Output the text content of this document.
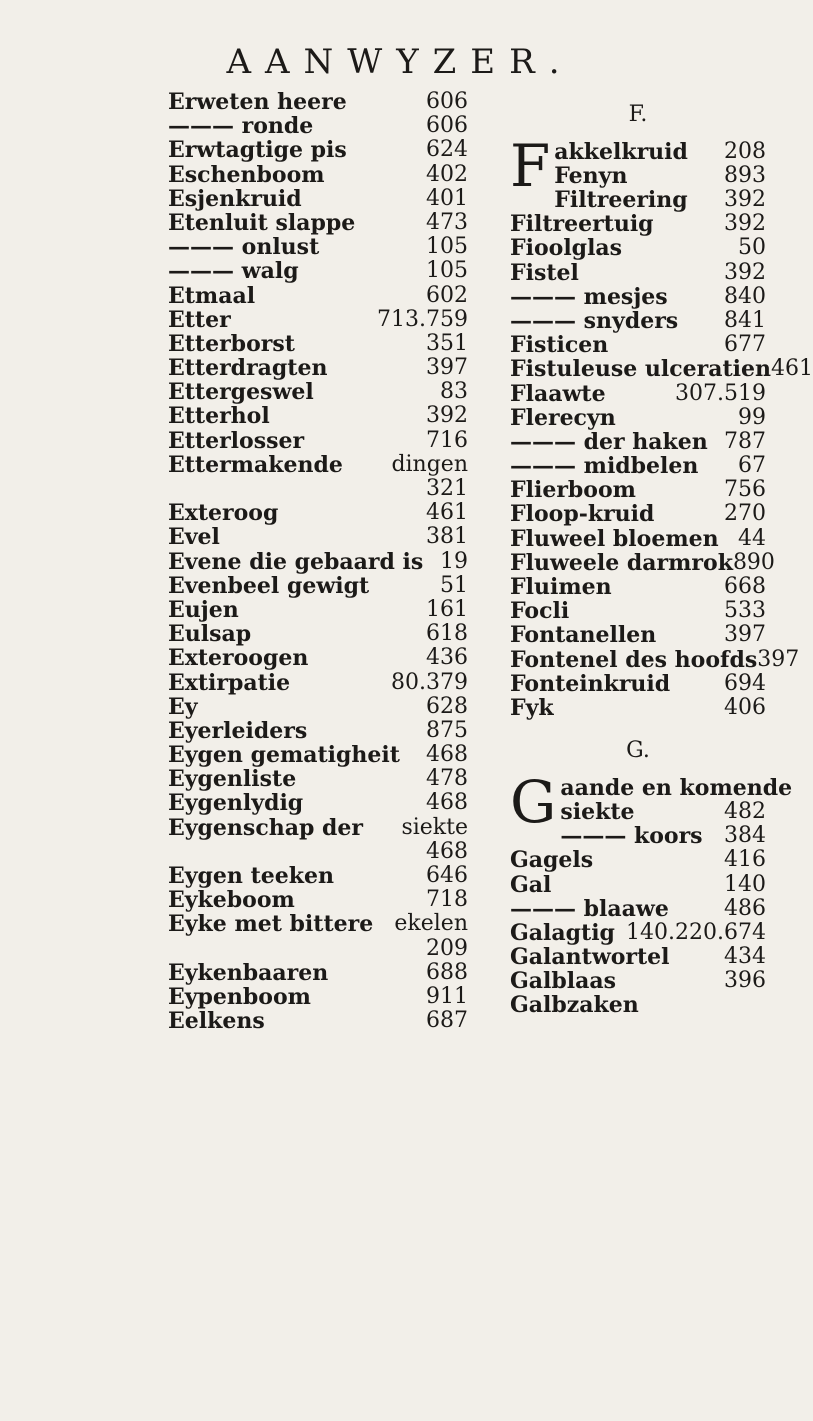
AANWYZER.
Erweten heere	606
——— ronde	606
Erwtagtige pis	624
Eschenboom	402
Esjenkruid	401
Etenluit slappe	473
——— onlust	105
——— walg	105
Etmaal	602
Etter	713.759
Etterborst	351
Etterdragten	397
Ettergeswel	83
Etterhol	392
Etterlosser	716
Ettermakende dingen
321
Exteroog	461
Evel	381
Evene die gebaard is 19
Evenbeel gewigt	51
Eujen	161
Eulsap	618
Exteroogen	436
Extirpatie	80.379
Ey	628
Eyerleiders	875
Eygen gematigheit 468
Eygenliste	478
Eygenlydig	468
Eygenschap der siekte
468
Eygen teeken	646
Eykeboom	718
Eyke met bittere ekelen
209
Eykenbaaren	688
Eypenboom	911
Eelkens	687
F.
F akkelkruid 208
Fenyn	893
Filtreering 392
Filtreertuig	392
Fioolglas	50
Fistel	392
——— mesjes	840
——— snyders 841
Fisticen	677
Fistuleuse ulceratien 461
Flaawte	307.519
Flerecyn	99
——— der haken 787
——— midbelen 67
Flierboom	756
Floop-kruid	270
Fluweel bloemen 44
Fluweele darmrok 890
Fluimen	668
Focli	533
Fontanellen	397
Fontenel des hoofds 397
Fonteinkruid 694
Fyk	406
G.
G aande en komende
siekte	482
——— koors 384
Gagels	416
Gal	140
——— blaawe	486
Galagtig 140.220.674
Galantwortel 434
Galblaas	396
Galbzaken
